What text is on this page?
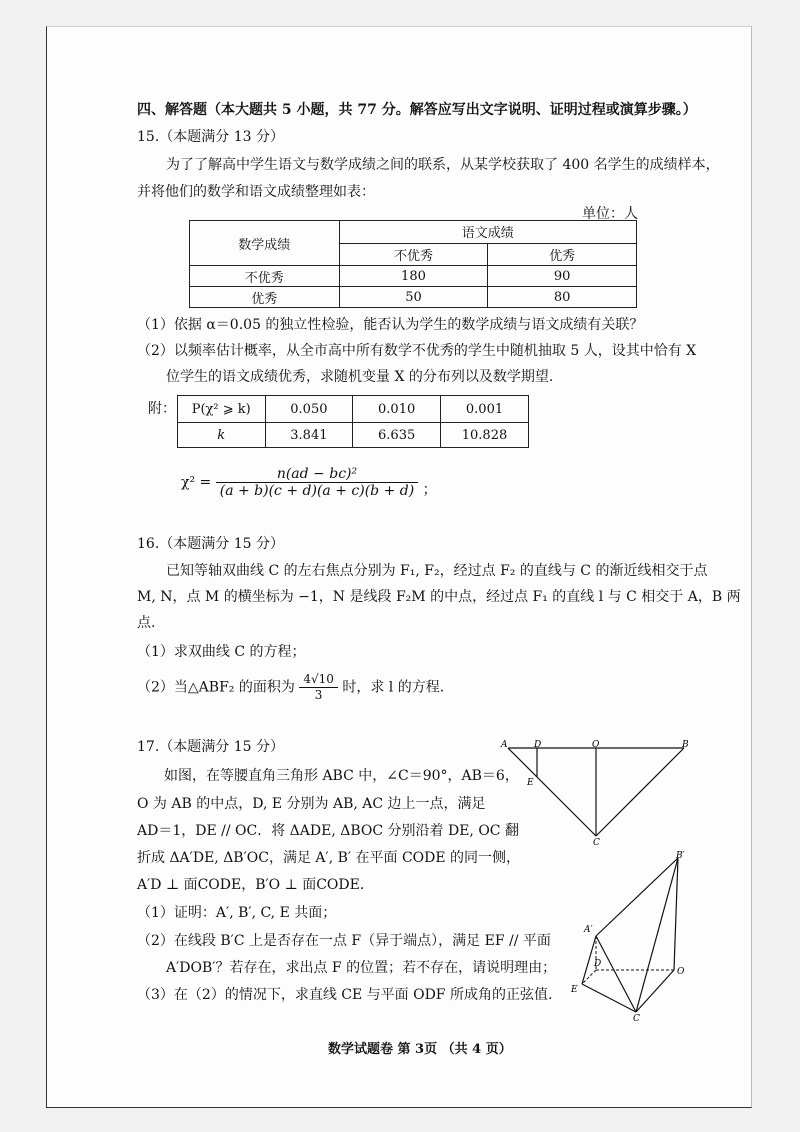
四、解答题（本大题共 5 小题，共 77 分。解答应写出文字说明、证明过程或演算步骤。）
15.（本题满分 13 分）
为了了解高中学生语文与数学成绩之间的联系，从某学校获取了 400 名学生的成绩样本，
并将他们的数学和语文成绩整理如表：
单位：人
数学成绩	语文成绩	
	不优秀	优秀
不优秀	180	90
优秀	50	80
（1）依据 α＝0.05 的独立性检验，能否认为学生的数学成绩与语文成绩有关联？
（2）以频率估计概率，从全市高中所有数学不优秀的学生中随机抽取 5 人，设其中恰有 X
位学生的语文成绩优秀，求随机变量 X 的分布列以及数学期望.
附： P(χ² ⩾ k)	0.050	0.010	0.001
k	3.841	6.635	10.828
$\chi^2 = \frac{\text{n(ad − bc)²}}{(a + b)(c + d)(a + c)(b + d)}$ ；
16.（本题满分 15 分）
已知等轴双曲线 C 的左右焦点分别为 F₁, F₂，经过点 F₂ 的直线与 C 的渐近线相交于点
M, N，点 M 的横坐标为 −1，N 是线段 F₂M 的中点，经过点 F₁ 的直线 l 与 C 相交于 A，B 两
点.
（1）求双曲线 C 的方程；
（2）当△ABF₂ 的面积为 $\frac{4√10}{3}$ 时，求 l 的方程.
17.（本题满分 15 分）
如图，在等腰直角三角形 ABC 中，∠C＝90°，AB＝6，
O 为 AB 的中点，D, E 分别为 AB, AC 边上一点，满足
AD＝1，DE // OC．将 ΔADE, ΔBOC 分别沿着 DE, OC 翻
折成 ΔA′DE, ΔB′OC，满足 A′, B′ 在平面 CODE 的同一侧，
A′D ⊥ 面CODE，B′O ⊥ 面CODE．
（1）证明：A′, B′, C, E 共面；
（2）在线段 B′C 上是否存在一点 F（异于端点），满足 EF // 平面
A′DOB′？若存在，求出点 F 的位置；若不存在，请说明理由；
（3）在（2）的情况下，求直线 CE 与平面 ODF 所成角的正弦值.
A	D	O	B
E
C
B′
A′
D
O
E
C
数学试题卷 第 3页 （共 4 页）
